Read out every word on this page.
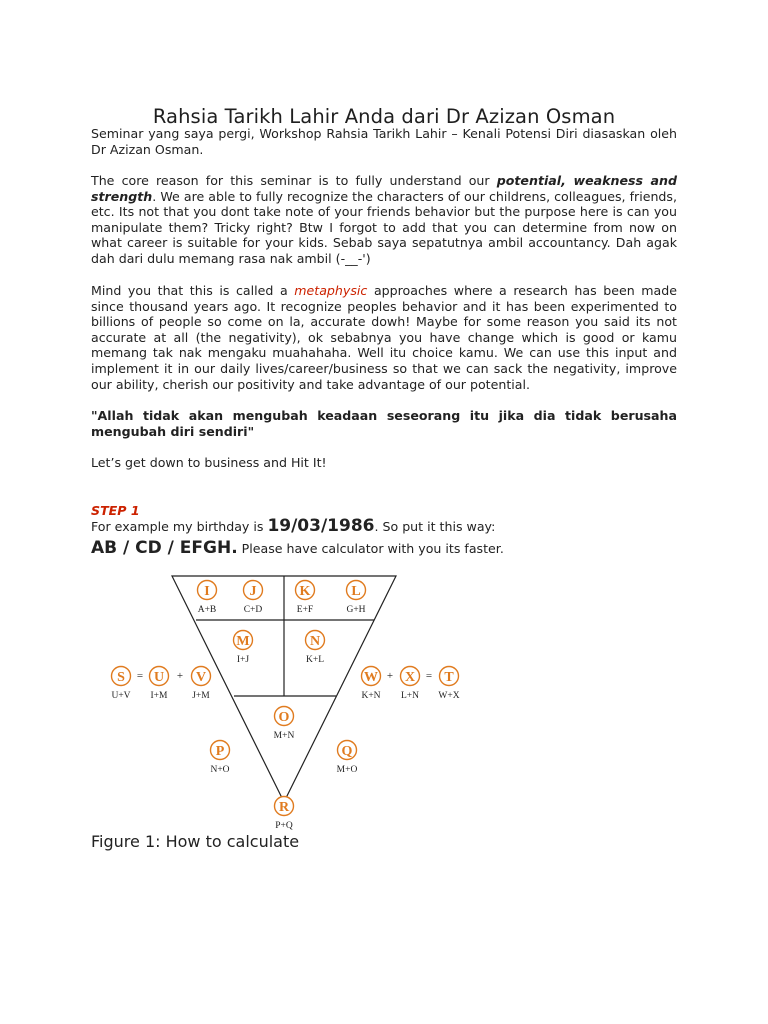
Rahsia Tarikh Lahir Anda dari Dr Azizan Osman
Seminar yang saya pergi, Workshop Rahsia Tarikh Lahir – Kenali Potensi Diri diasaskan oleh Dr Azizan Osman.
The core reason for this seminar is to fully understand our potential, weakness and strength. We are able to fully recognize the characters of our childrens, colleagues, friends, etc. Its not that you dont take note of your friends behavior but the purpose here is can you manipulate them? Tricky right? Btw I forgot to add that you can determine from now on what career is suitable for your kids. Sebab saya sepatutnya ambil accountancy. Dah agak dah dari dulu memang rasa nak ambil (-__-')
Mind you that this is called a metaphysic approaches where a research has been made since thousand years ago. It recognize peoples behavior and it has been experimented to billions of people so come on la, accurate dowh! Maybe for some reason you said its not accurate at all (the negativity), ok sebabnya you have change which is good or kamu memang tak nak mengaku muahahaha. Well itu choice kamu. We can use this input and implement it in our daily lives/career/business so that we can sack the negativity, improve our ability, cherish our positivity and take advantage of our potential.
"Allah tidak akan mengubah keadaan seseorang itu jika dia tidak berusaha mengubah diri sendiri"
Let’s get down to business and Hit It!
STEP 1
For example my birthday is 19/03/1986. So put it this way:
AB / CD / EFGH. Please have calculator with you its faster.
I
A+B
J
C+D
K
E+F
L
G+H
M
I+J
N
K+L
O
M+N
P
N+O
Q
M+O
R
P+Q
S
U+V
U
I+M
V
J+M
W
K+N
X
L+N
T
W+X
=	+	+	=
Figure 1: How to calculate
